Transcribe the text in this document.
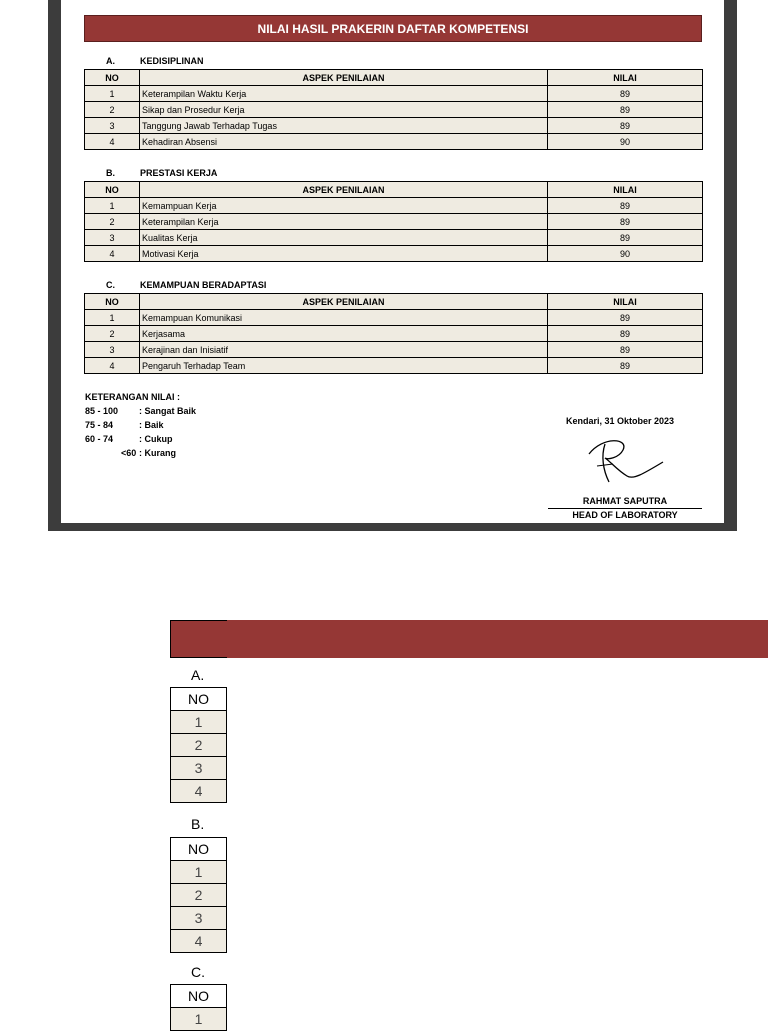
NILAI HASIL PRAKERIN DAFTAR KOMPETENSI
A.	KEDISIPLINAN
NO	ASPEK PENILAIAN	NILAI
1	Keterampilan Waktu Kerja	89
2	Sikap dan Prosedur Kerja	89
3	Tanggung Jawab Terhadap Tugas	89
4	Kehadiran Absensi	90
B.	PRESTASI KERJA
NO	ASPEK PENILAIAN	NILAI
1	Kemampuan Kerja	89
2	Keterampilan Kerja	89
3	Kualitas Kerja	89
4	Motivasi Kerja	90
C.	KEMAMPUAN BERADAPTASI
NO	ASPEK PENILAIAN	NILAI
1	Kemampuan Komunikasi	89
2	Kerjasama	89
3	Kerajinan dan Inisiatif	89
4	Pengaruh Terhadap Team	89
KETERANGAN NILAI :
85 - 100 : Sangat Baik
75 - 84	: Baik
60 - 74	: Cukup
<60 : Kurang
Kendari, 31 Oktober 2023
RAHMAT SAPUTRA
HEAD OF LABORATORY
A.
NO
1
2
3
4
B.
NO
1
2
3
4
C.
NO
1
